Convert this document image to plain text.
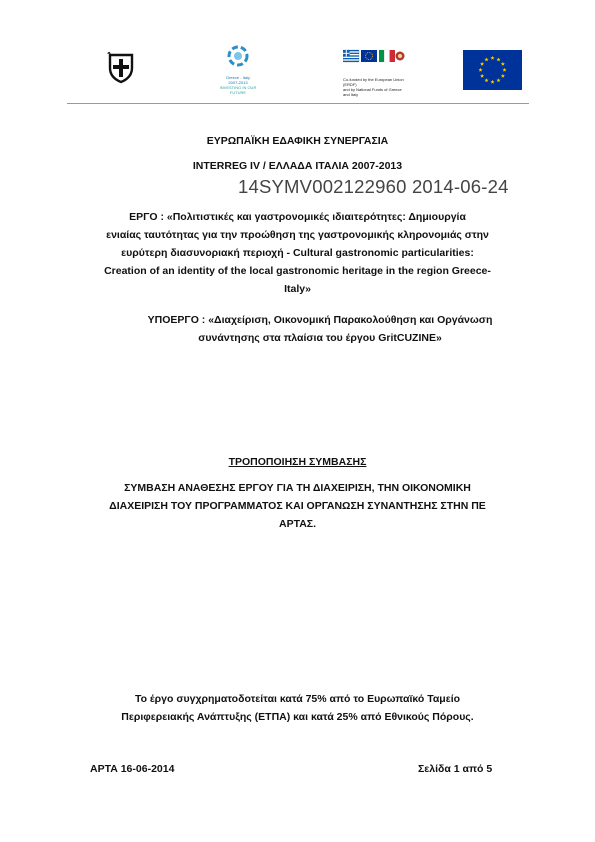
Greece - Italy
2007-2013
INVESTING IN OUR FUTURE
Co-funded by the European Union (ERDF)
and by National Funds of Greece and Italy
ΕΥΡΩΠΑΪΚΗ ΕΔΑΦΙΚΗ ΣΥΝΕΡΓΑΣΙΑ
INTERREG IV / ΕΛΛΑΔΑ ΙΤΑΛΙΑ 2007-2013
14SYMV002122960 2014-06-24
ΕΡΓΟ : «Πολιτιστικές και γαστρονομικές ιδιαιτερότητες: Δημιουργία
ενιαίας ταυτότητας για την προώθηση της γαστρονομικής κληρονομιάς στην
ευρύτερη διασυνοριακή περιοχή - Cultural gastronomic particularities:
Creation of an identity of the local gastronomic heritage in the region Greece-
Italy»
ΥΠΟΕΡΓΟ : «Διαχείριση, Οικονομική Παρακολούθηση και Οργάνωση
συνάντησης στα πλαίσια του έργου GritCUZINE»
ΤΡΟΠΟΠΟΙΗΣΗ ΣΥΜΒΑΣΗΣ
ΣΥΜΒΑΣΗ ΑΝΑΘΕΣΗΣ ΕΡΓΟΥ ΓΙΑ ΤΗ ΔΙΑΧΕΙΡΙΣΗ, ΤΗΝ ΟΙΚΟΝΟΜΙΚΗ
ΔΙΑΧΕΙΡΙΣΗ ΤΟΥ ΠΡΟΓΡΑΜΜΑΤΟΣ ΚΑΙ ΟΡΓΑΝΩΣΗ ΣΥΝΑΝΤΗΣΗΣ ΣΤΗΝ ΠΕ
ΑΡΤΑΣ.
Το έργο συγχρηματοδοτείται κατά 75% από το Ευρωπαϊκό Ταμείο
Περιφερειακής Ανάπτυξης (ΕΤΠΑ) και κατά 25% από Εθνικούς Πόρους.
ΑΡΤΑ 16-06-2014	Σελίδα 1 από 5
